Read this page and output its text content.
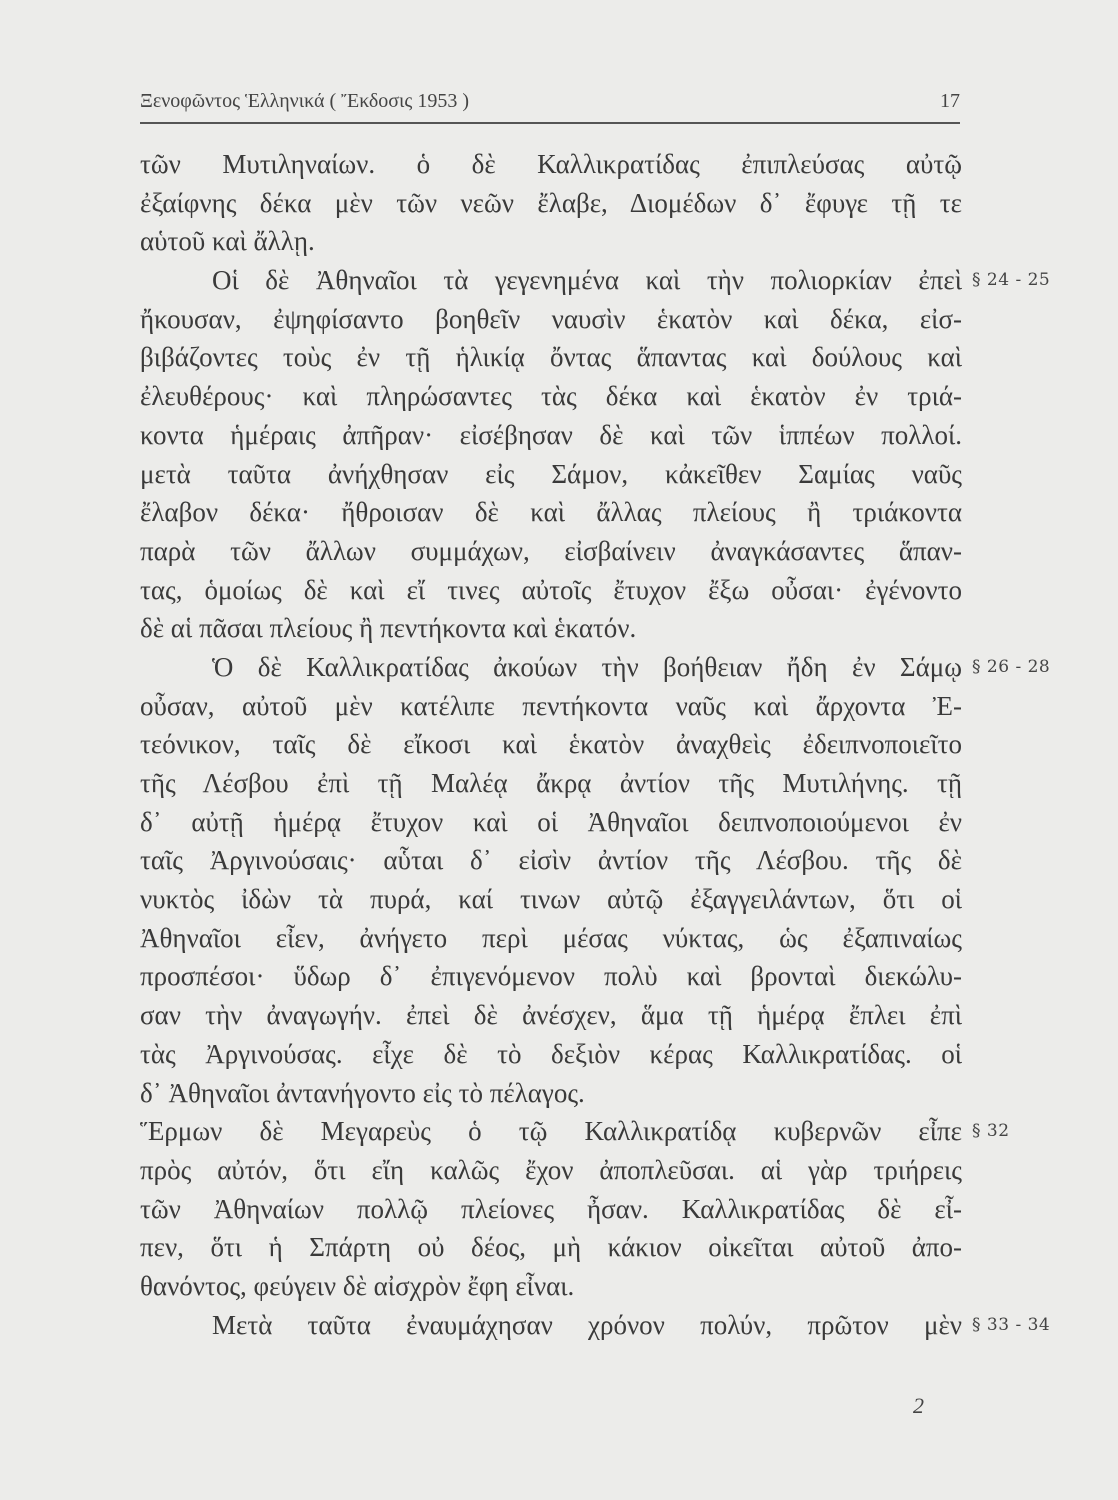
Ξενοφῶντος Ἑλληνικά ( Ἔκδοσις 1953 )	17
τῶν Μυτιληναίων. ὁ δὲ Καλλικρατίδας ἐπιπλεύσας αὐτῷ
ἐξαίφνης δέκα μὲν τῶν νεῶν ἔλαβε, Διομέδων δ᾽ ἔφυγε τῇ τε
αὑτοῦ καὶ ἄλλῃ.
Οἱ δὲ Ἀθηναῖοι τὰ γεγενημένα καὶ τὴν πολιορκίαν ἐπεὶ § 24 - 25
ἤκουσαν, ἐψηφίσαντο βοηθεῖν ναυσὶν ἑκατὸν καὶ δέκα, εἰσ-
βιβάζοντες τοὺς ἐν τῇ ἡλικίᾳ ὄντας ἅπαντας καὶ δούλους καὶ
ἐλευθέρους· καὶ πληρώσαντες τὰς δέκα καὶ ἑκατὸν ἐν τριά-
κοντα ἡμέραις ἀπῆραν· εἰσέβησαν δὲ καὶ τῶν ἱππέων πολλοί.
μετὰ ταῦτα ἀνήχθησαν εἰς Σάμον, κἀκεῖθεν Σαμίας ναῦς
ἔλαβον δέκα· ἤθροισαν δὲ καὶ ἄλλας πλείους ἢ τριάκοντα
παρὰ τῶν ἄλλων συμμάχων, εἰσβαίνειν ἀναγκάσαντες ἅπαν-
τας, ὁμοίως δὲ καὶ εἴ τινες αὐτοῖς ἔτυχον ἔξω οὖσαι· ἐγένοντο
δὲ αἱ πᾶσαι πλείους ἢ πεντήκοντα καὶ ἑκατόν.
Ὁ δὲ Καλλικρατίδας ἀκούων τὴν βοήθειαν ἤδη ἐν Σάμῳ § 26 - 28
οὖσαν, αὐτοῦ μὲν κατέλιπε πεντήκοντα ναῦς καὶ ἄρχοντα Ἐ-
τεόνικον, ταῖς δὲ εἴκοσι καὶ ἑκατὸν ἀναχθεὶς ἐδειπνοποιεῖτο
τῆς Λέσβου ἐπὶ τῇ Μαλέᾳ ἄκρᾳ ἀντίον τῆς Μυτιλήνης. τῇ
δ᾽ αὐτῇ ἡμέρᾳ ἔτυχον καὶ οἱ Ἀθηναῖοι δειπνοποιούμενοι ἐν
ταῖς Ἀργινούσαις· αὗται δ᾽ εἰσὶν ἀντίον τῆς Λέσβου. τῆς δὲ
νυκτὸς ἰδὼν τὰ πυρά, καί τινων αὐτῷ ἐξαγγειλάντων, ὅτι οἱ
Ἀθηναῖοι εἶεν, ἀνήγετο περὶ μέσας νύκτας, ὡς ἐξαπιναίως
προσπέσοι· ὕδωρ δ᾽ ἐπιγενόμενον πολὺ καὶ βρονταὶ διεκώλυ-
σαν τὴν ἀναγωγήν. ἐπεὶ δὲ ἀνέσχεν, ἅμα τῇ ἡμέρᾳ ἔπλει ἐπὶ
τὰς Ἀργινούσας. εἶχε δὲ τὸ δεξιὸν κέρας Καλλικρατίδας. οἱ
δ᾽ Ἀθηναῖοι ἀντανήγοντο εἰς τὸ πέλαγος.
Ἕρμων δὲ Μεγαρεὺς ὁ τῷ Καλλικρατίδᾳ κυβερνῶν εἶπε § 32
πρὸς αὐτόν, ὅτι εἴη καλῶς ἔχον ἀποπλεῦσαι. αἱ γὰρ τριήρεις
τῶν Ἀθηναίων πολλῷ πλείονες ἦσαν. Καλλικρατίδας δὲ εἶ-
πεν, ὅτι ἡ Σπάρτη οὐ δέος, μὴ κάκιον οἰκεῖται αὐτοῦ ἀπο-
θανόντος, φεύγειν δὲ αἰσχρὸν ἔφη εἶναι.
Μετὰ ταῦτα ἐναυμάχησαν χρόνον πολύν, πρῶτον μὲν § 33 - 34
2
